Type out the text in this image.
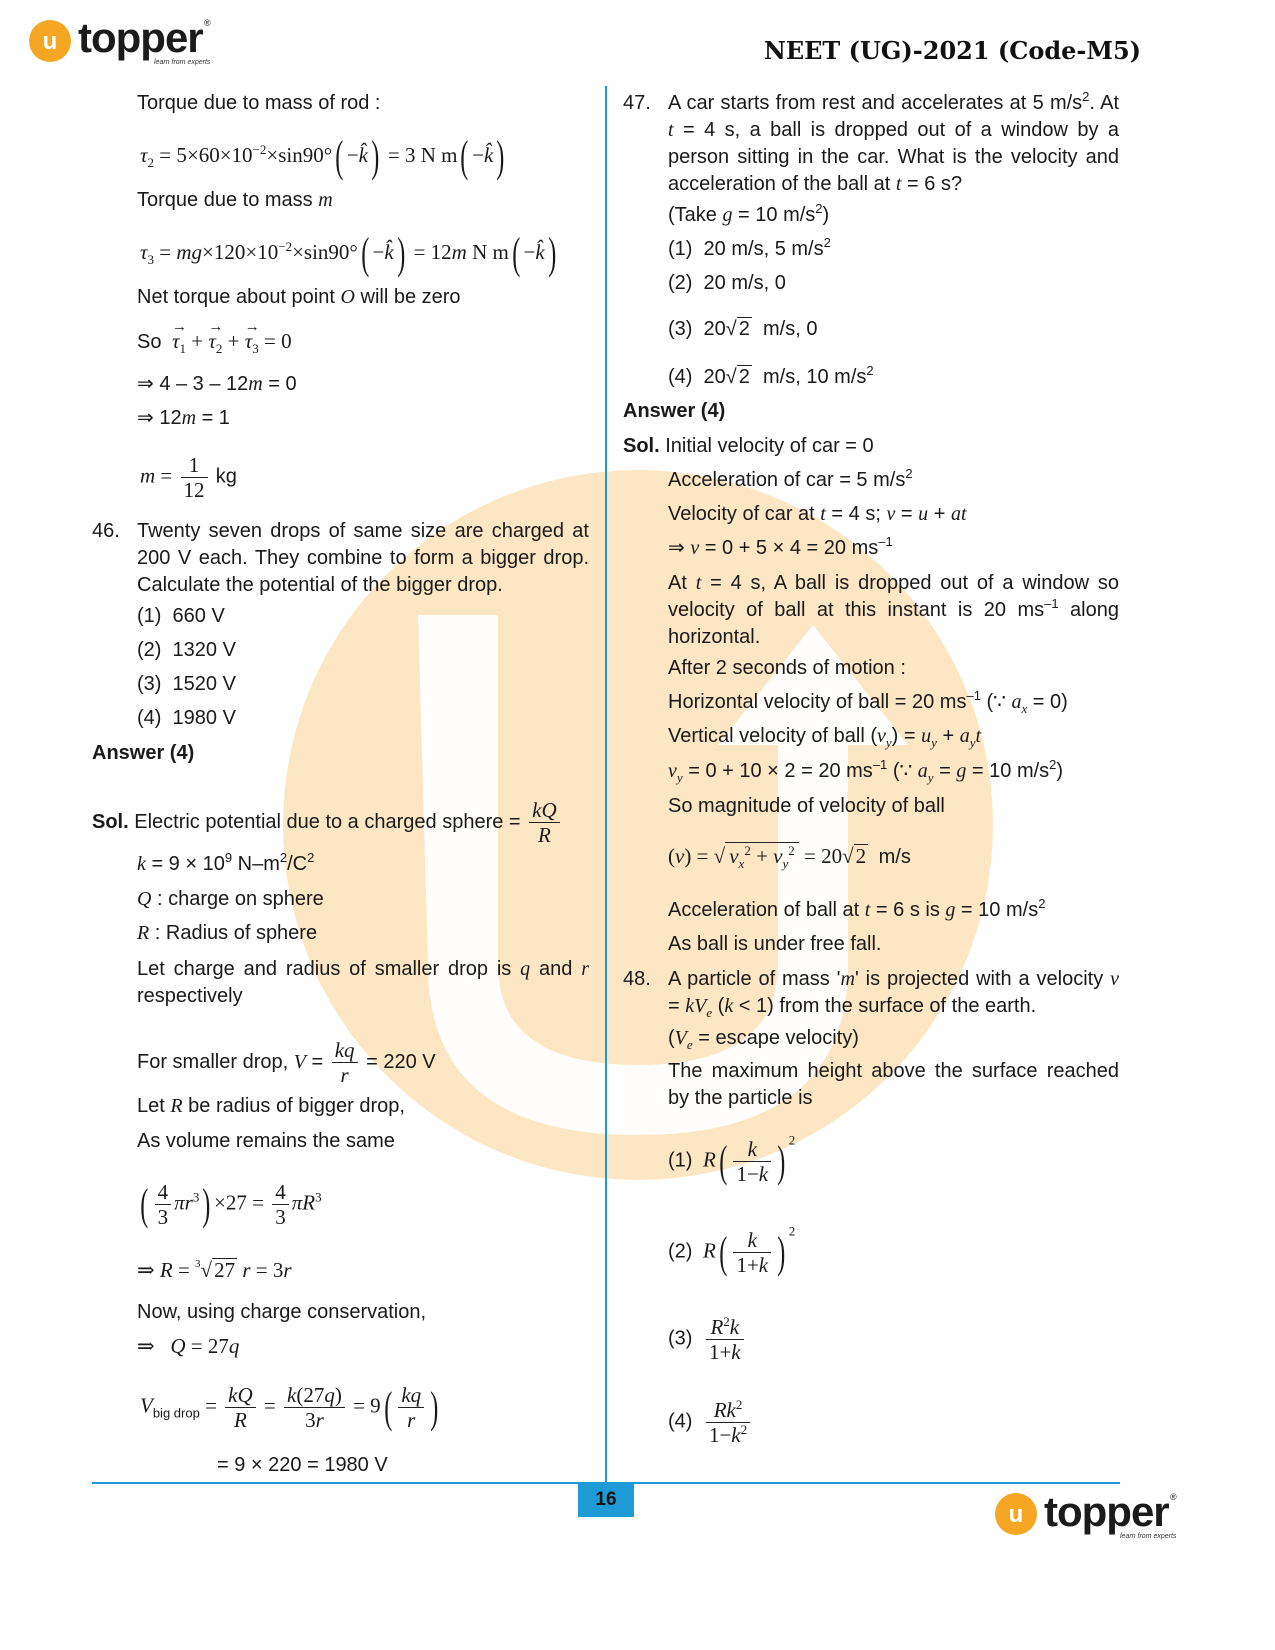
u
®
topper
learn from experts	NEET (UG)-2021 (Code-M5)
Torque due to mass of rod :
$\tau_2 = 5\times 60\times 10^{-2}\times\sin 90^\circ$( −k̂) = 3 N m( −k̂)
Torque due to mass m
$\tau_3 = mg\times 120\times 10^{-2}\times\sin 90^\circ$( −k̂) = 12m N m( −k̂)
Net torque about point O will be zero
$So \to \tau_1$ + → $\tau_2$ + → $\tau_3 = 0$
⇒ 4 – 3 – 12m = 0
⇒ 12m = 1
$m = \frac{1}{12}$ kg
46. Twenty seven drops of same size are charged at 200 V each. They combine to form a bigger drop. Calculate the potential of the bigger drop.
(1)  660 V
(2)  1320 V
(3)  1520 V
(4)  1980 V
Answer (4)
Sol. Electric potential due to a charged sphere = $\frac{kQ}{R}$
$k = 9 \times 10^9$ $N-m^2/C^2$
Q : charge on sphere
R : Radius of sphere
Let charge and radius of smaller drop is q and r respectively
For smaller drop, $V = \frac{kq}{r} = 220$ V
Let R be radius of bigger drop,
As volume remains the same
( $\frac{4}{3} \pi r^3) \times 27 = \frac{4}{3} \pi R^3$
⇒ R = $^3$√27 r = 3r
Now, using charge conservation,
⇒   Q = 27q
$V_{big drop} = \frac{kQ}{R} = \frac{k(27q)}{3r} = 9( \frac{kq}{r}$ )
= 9 × 220 = 1980 V
47. A car starts from rest and accelerates at 5 $m/s^2$. At t = 4 s, a ball is dropped out of a window by a person sitting in the car. What is the velocity and acceleration of the ball at t = 6 s?
(Take g = 10 $m/s^2$)
(1)  20 m/s, 5 $m/s^2$
(2)  20 m/s, 0
(3)  20√ 2  m/s, 0
(4)  20√ 2  m/s, 10 $m/s^2$
Answer (4)
Sol. Initial velocity of car = 0
Acceleration of car = 5 $m/s^2$
Velocity of car at t = 4 s; v = u + at
⇒ v = 0 + 5 × 4 = 20 $ms^{-1}$
At t = 4 s, A ball is dropped out of a window so velocity of ball at this instant is 20 $ms^{-1}$ along horizontal.
After 2 seconds of motion :
Horizontal velocity of ball = 20 $ms^{-1}$ (∵ $a_x = 0$)
Vertical velocity of ball $(v_y) = u_y + a_yt$
$v_y = 0 + 10 \times 2 = 20$ $ms^{-1}$ (∵ $a_y = g = 10$ $m/s^2$)
So magnitude of velocity of ball
(v) = √ $v_x^2 + v_y^2 = 20√2$ m/s
Acceleration of ball at t = 6 s is g = 10 $m/s^2$
As ball is under free fall.
48. A particle of mass 'm' is projected with a velocity $v = kV_e$ (k < 1) from the surface of the earth.
($V_e$ = escape velocity)
The maximum height above the surface reached by the particle is
(1) $R( \frac{k}{1-k}$ ) $^2$
(2) $R( \frac{k}{1+k}$ ) $^2$
$(3) \frac{R^2k}{1+k}$
$(4) \frac{Rk^2}{1-k^2}$
16
u
®
topper
learn from experts
